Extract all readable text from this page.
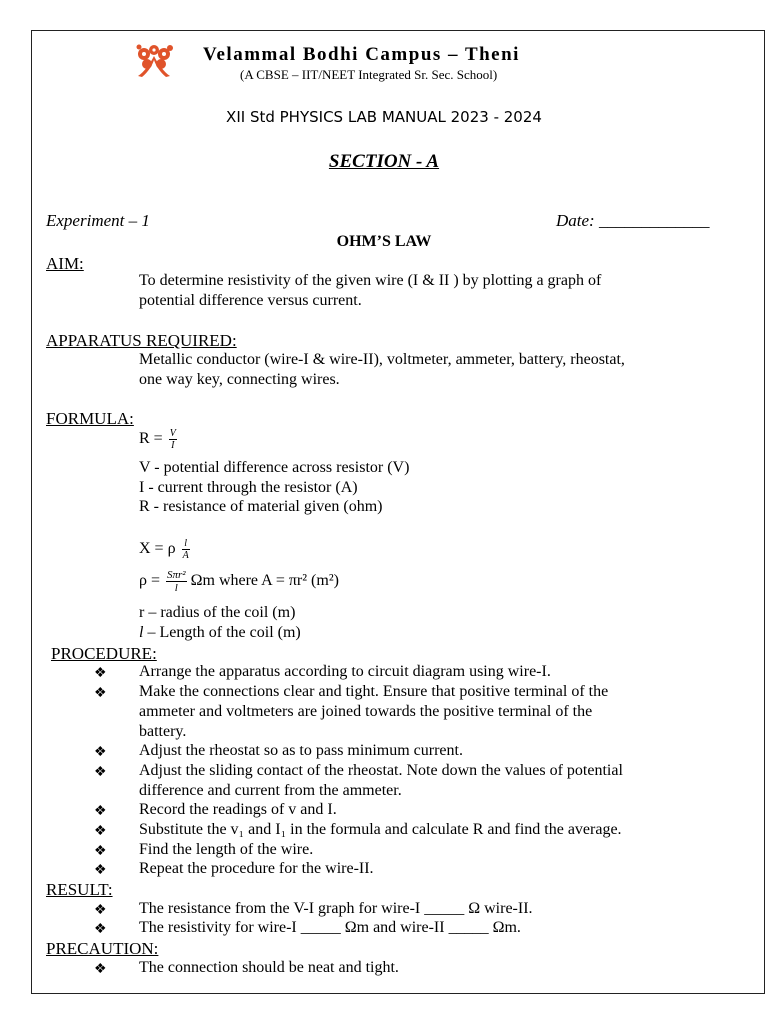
Velammal Bodhi Campus – Theni
(A CBSE – IIT/NEET Integrated Sr. Sec. School)
XII Std PHYSICS LAB MANUAL 2023 - 2024
SECTION - A
Experiment – 1	Date: _____________
OHM’S LAW
AIM:
To determine resistivity of the given wire (I & II ) by plotting a graph of
potential difference versus current.
APPARATUS REQUIRED:
Metallic conductor (wire-I & wire-II), voltmeter, ammeter, battery, rheostat,
one way key, connecting wires.
FORMULA:
$R = \frac{V}{I}$
V - potential difference across resistor (V)
I - current through the resistor (A)
R - resistance of material given (ohm)
X = ρ $\frac{l}{A}$
$\rho = \frac{\text{Sπr²}}{l}$ Ωm where A = πr² (m²)
r – radius of the coil (m)
l – Length of the coil (m)
PROCEDURE:
❖ Arrange the apparatus according to circuit diagram using wire-I.
❖ Make the connections clear and tight. Ensure that positive terminal of the
ammeter and voltmeters are joined towards the positive terminal of the
battery.
❖ Adjust the rheostat so as to pass minimum current.
❖ Adjust the sliding contact of the rheostat. Note down the values of potential
difference and current from the ammeter.
❖ Record the readings of v and I.
❖ Substitute the v₁ and I₁ in the formula and calculate R and find the average.
❖ Find the length of the wire.
❖ Repeat the procedure for the wire-II.
RESULT:
❖ The resistance from the V-I graph for wire-I _____ Ω wire-II.
❖ The resistivity for wire-I _____ Ωm and wire-II _____ Ωm.
PRECAUTION:
❖ The connection should be neat and tight.
